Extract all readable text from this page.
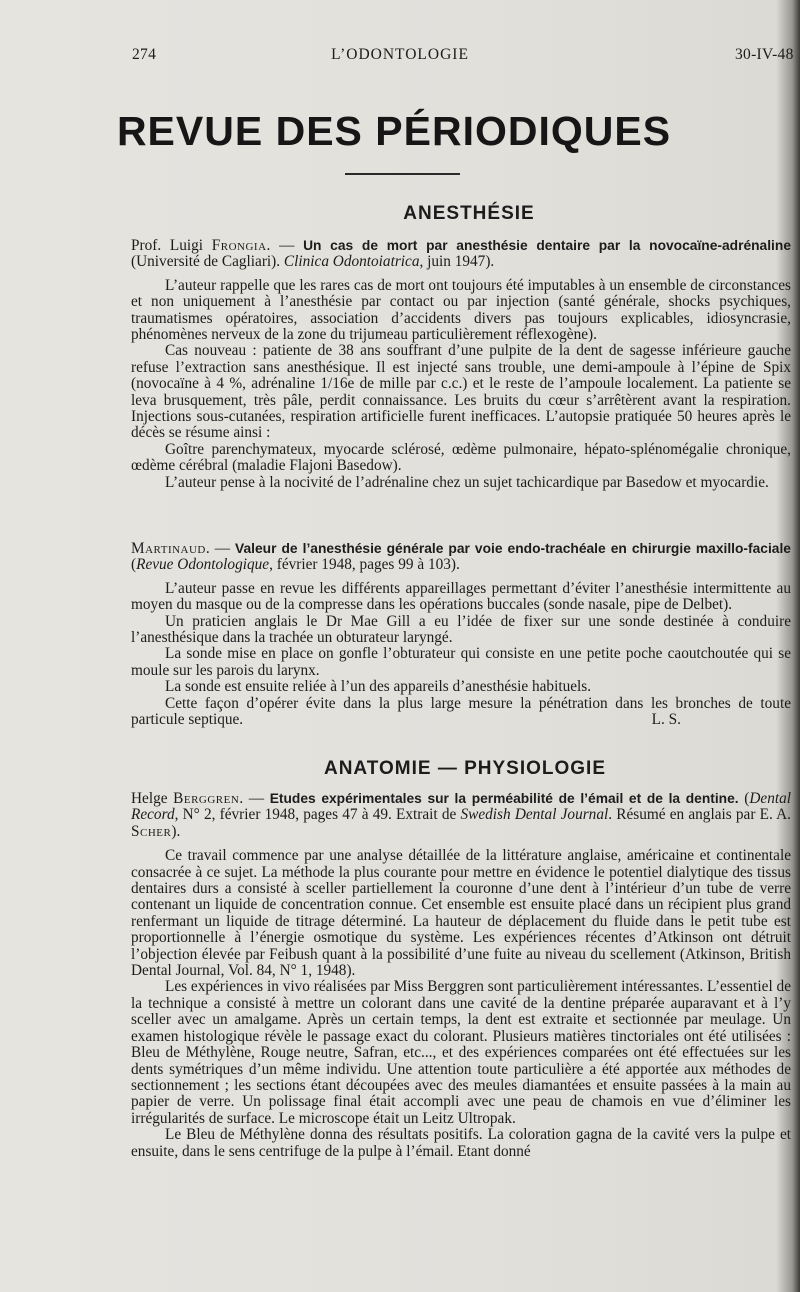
274	L’ODONTOLOGIE	30-IV-48
REVUE DES PÉRIODIQUES
ANESTHÉSIE

Prof. Luigi Frongia. — Un cas de mort par anesthésie dentaire par la novocaïne-adrénaline (Université de Cagliari). Clinica Odontoiatrica, juin 1947).

L’auteur rappelle que les rares cas de mort ont toujours été imputables à un ensemble de circonstances et non uniquement à l’anesthésie par contact ou par injection (santé générale, shocks psychiques, traumatismes opératoires, association d’accidents divers pas toujours explicables, idiosyncrasie, phénomènes nerveux de la zone du trijumeau particulièrement réflexogène).

Cas nouveau : patiente de 38 ans souffrant d’une pulpite de la dent de sagesse inférieure gauche refuse l’extraction sans anesthésique. Il est injecté sans trouble, une demi-ampoule à l’épine de Spix (novocaïne à 4 %, adrénaline 1/16e de mille par c.c.) et le reste de l’ampoule localement. La patiente se leva brusquement, très pâle, perdit connaissance. Les bruits du cœur s’arrêtèrent avant la respiration. Injections sous-cutanées, respiration artificielle furent inefficaces. L’autopsie pratiquée 50 heures après le décès se résume ainsi :

Goître parenchymateux, myocarde sclérosé, œdème pulmonaire, hépato-splénomégalie chronique, œdème cérébral (maladie Flajoni Basedow).

L’auteur pense à la nocivité de l’adrénaline chez un sujet tachicardique par Basedow et myocardie.

Martinaud. — Valeur de l’anesthésie générale par voie endo-trachéale en chirurgie maxillo-faciale (Revue Odontologique, février 1948, pages 99 à 103).

L’auteur passe en revue les différents appareillages permettant d’éviter l’anesthésie intermittente au moyen du masque ou de la compresse dans les opérations buccales (sonde nasale, pipe de Delbet).

Un praticien anglais le Dr Mae Gill a eu l’idée de fixer sur une sonde destinée à conduire l’anesthésique dans la trachée un obturateur laryngé.

La sonde mise en place on gonfle l’obturateur qui consiste en une petite poche caoutchoutée qui se moule sur les parois du larynx.

La sonde est ensuite reliée à l’un des appareils d’anesthésie habituels.

Cette façon d’opérer évite dans la plus large mesure la pénétration dans les bronches de toute particule septique.	L. S.

ANATOMIE — PHYSIOLOGIE

Helge Berggren. — Etudes expérimentales sur la perméabilité de l’émail et de la dentine. (Dental Record, N° 2, février 1948, pages 47 à 49. Extrait de Swedish Dental Journal. Résumé en anglais par E. A. Scher).

Ce travail commence par une analyse détaillée de la littérature anglaise, américaine et continentale consacrée à ce sujet. La méthode la plus courante pour mettre en évidence le potentiel dialytique des tissus dentaires durs a consisté à sceller partiellement la couronne d’une dent à l’intérieur d’un tube de verre contenant un liquide de concentration connue. Cet ensemble est ensuite placé dans un récipient plus grand renfermant un liquide de titrage déterminé. La hauteur de déplacement du fluide dans le petit tube est proportionnelle à l’énergie osmotique du système. Les expériences récentes d’Atkinson ont détruit l’objection élevée par Feibush quant à la possibilité d’une fuite au niveau du scellement (Atkinson, British Dental Journal, Vol. 84, N° 1, 1948).

Les expériences in vivo réalisées par Miss Berggren sont particulièrement intéressantes. L’essentiel de la technique a consisté à mettre un colorant dans une cavité de la dentine préparée auparavant et à l’y sceller avec un amalgame. Après un certain temps, la dent est extraite et sectionnée par meulage. Un examen histologique révèle le passage exact du colorant. Plusieurs matières tinctoriales ont été utilisées : Bleu de Méthylène, Rouge neutre, Safran, etc..., et des expériences comparées ont été effectuées sur les dents symétriques d’un même individu. Une attention toute particulière a été apportée aux méthodes de sectionnement ; les sections étant découpées avec des meules diamantées et ensuite passées à la main au papier de verre. Un polissage final était accompli avec une peau de chamois en vue d’éliminer les irrégularités de surface. Le microscope était un Leitz Ultropak.

Le Bleu de Méthylène donna des résultats positifs. La coloration gagna de la cavité vers la pulpe et ensuite, dans le sens centrifuge de la pulpe à l’émail. Etant donné
